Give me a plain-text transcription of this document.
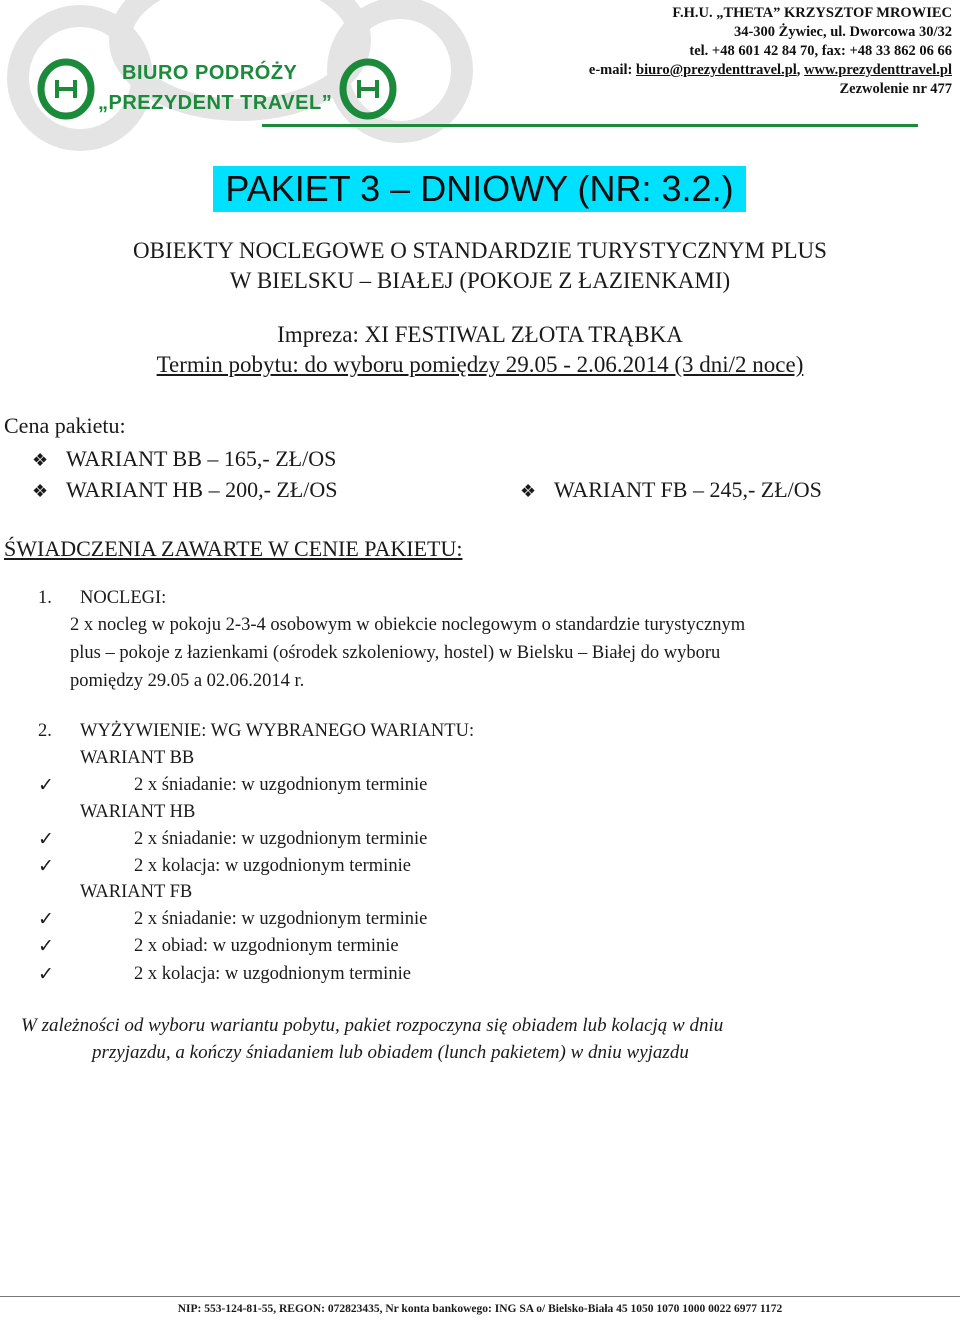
BIURO PODRÓŻY
„PREZYDENT TRAVEL”
F.H.U. „THETA” KRZYSZTOF MROWIEC
34-300 Żywiec, ul. Dworcowa 30/32
tel. +48 601 42 84 70, fax: +48 33 862 06 66
e-mail: biuro@prezydenttravel.pl, www.prezydenttravel.pl
Zezwolenie nr 477
PAKIET 3 – DNIOWY (NR: 3.2.)
OBIEKTY NOCLEGOWE O STANDARDZIE TURYSTYCZNYM PLUS
W BIELSKU – BIAŁEJ (POKOJE Z ŁAZIENKAMI)
Impreza: XI FESTIWAL ZŁOTA TRĄBKA
Termin pobytu: do wyboru pomiędzy 29.05 - 2.06.2014 (3 dni/2 noce)
Cena pakietu:
❖ WARIANT BB – 165,- ZŁ/OS
❖ WARIANT HB – 200,- ZŁ/OS	❖ WARIANT FB – 245,- ZŁ/OS
ŚWIADCZENIA ZAWARTE W CENIE PAKIETU:
1. NOCLEGI:
2 x nocleg w pokoju 2-3-4 osobowym w obiekcie noclegowym o standardzie turystycznym
plus – pokoje z łazienkami (ośrodek szkoleniowy, hostel) w Bielsku – Białej do wyboru
pomiędzy 29.05 a 02.06.2014 r.
2. WYŻYWIENIE: WG WYBRANEGO WARIANTU:
WARIANT BB
✓	2 x śniadanie: w uzgodnionym terminie
WARIANT HB
✓	2 x śniadanie: w uzgodnionym terminie
✓	2 x kolacja: w uzgodnionym terminie
WARIANT FB
✓	2 x śniadanie: w uzgodnionym terminie
✓	2 x obiad: w uzgodnionym terminie
✓	2 x kolacja: w uzgodnionym terminie
W zależności od wyboru wariantu pobytu, pakiet rozpoczyna się obiadem lub kolacją w dniu
przyjazdu, a kończy śniadaniem lub obiadem (lunch pakietem) w dniu wyjazdu
NIP: 553-124-81-55, REGON: 072823435, Nr konta bankowego: ING SA o/ Bielsko-Biała 45 1050 1070 1000 0022 6977 1172
